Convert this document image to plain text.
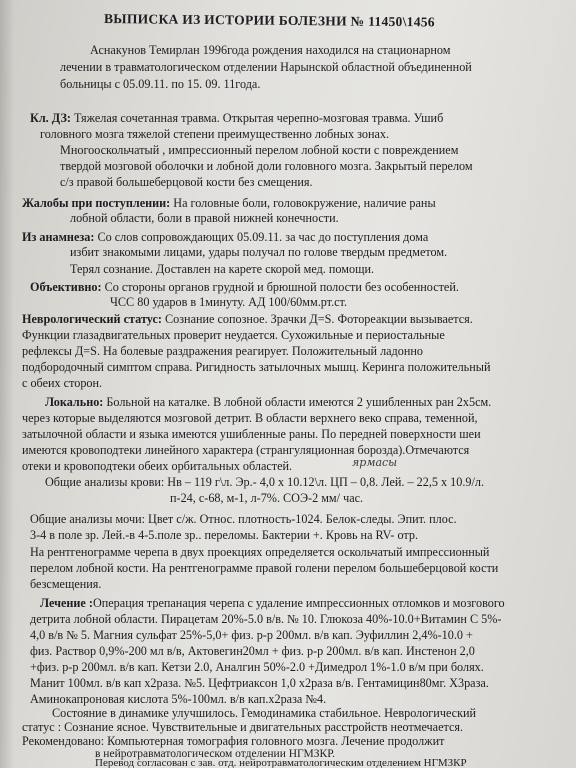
ВЫПИСКА ИЗ ИСТОРИИ БОЛЕЗНИ № 11450\1456
Аснакунов Темирлан 1996года рождения находился на стационарном
лечении в травматологическом отделении Нарынской областной объединенной
больницы с 05.09.11. по 15. 09. 11года.
Кл. ДЗ: Тяжелая сочетанная травма. Открытая черепно-мозговая травма. Ушиб
головного мозга тяжелой степени преимущественно лобных зонах.
Многооскольчатый , импрессионный перелом лобной кости с повреждением
твердой мозговой оболочки и лобной доли головного мозга. Закрытый перелом
с/з правой большеберцовой кости без смещения.
Жалобы при поступлении: На головные боли, головокружение, наличие раны
лобной области, боли в правой нижней конечности.
Из анамнеза: Со слов сопровождающих 05.09.11. за час до поступления дома
избит знакомыми лицами, удары получал по голове твердым предметом.
Терял сознание. Доставлен на карете скорой мед. помощи.
Объективно: Со стороны органов грудной и брюшной полости без особенностей.
ЧСС 80 ударов в 1минуту. АД 100/60мм.рт.ст.
Неврологический статус: Сознание сопозное. Зрачки Д=S. Фотореакции вызывается.
Функции глазадвигательных проверит неудается. Сухожильные и периостальные
рефлексы Д=S. На болевые раздражения реагирует. Положительный ладонно
подбородочный симптом справа. Ригидность затылочных мышц. Керинга положительный
с обеих сторон.
Локально: Больной на каталке. В лобной области имеются 2 ушибленных ран 2х5см.
через которые выделяются мозговой детрит. В области верхнего веко справа, теменной,
затылочной области и языка имеются ушибленные раны. По передней поверхности шеи
имеются кровоподтеки линейного характера (странгуляционная борозда).Отмечаются
отеки и кровоподтеки обеих орбитальных областей.	ярмасы
Общие анализы крови: Нв – 119 г\л. Эр.- 4,0 х 10.12\л. ЦП – 0,8. Лей. – 22,5 х 10.9/л.
п-24, с-68, м-1, л-7%. СОЭ-2 мм/ час.
Общие анализы мочи: Цвет с/ж. Относ. плотность-1024. Белок-следы. Эпит. плос.
3-4 в поле зр. Лей.-в 4-5.поле зр.. переломы. Бактерии +. Кровь на RV- отр.
На рентгенограмме черепа в двух проекциях определяется оскольчатый импрессионный
перелом лобной кости. На рентгенограмме правой голени перелом большеберцовой кости
безсмещения.
Лечение :Операция трепанация черепа с удаление импрессионных отломков и мозгового
детрита лобной области. Пирацетам 20%-5.0 в/в. № 10. Глюкоза 40%-10.0+Витамин С 5%-
4,0 в/в № 5. Магния сульфат 25%-5,0+ физ. р-р 200мл. в/в кап. Эуфиллин 2,4%-10.0 +
физ. Раствор 0,9%-200 мл в/в, Актовегин20мл + физ. р-р 200мл. в/в кап. Инстенон 2,0
+физ. р-р 200мл. в/в кап. Кетзи 2.0, Аналгин 50%-2.0 +Димедрол 1%-1.0 в/м при болях.
Манит 100мл. в/в кап х2раза. №5. Цефтриаксон 1,0 х2раза в/в. Гентамицин80мг. Х3раза.
Аминокапроновая кислота 5%-100мл. в/в кап.х2раза №4.
Состояние в динамике улучшилось. Гемодинамика стабильное. Неврологический
статус : Сознание ясное. Чувствительные и двигательных расстройств неотмечается.
Рекомендовано: Компьютерная томография головного мозга. Лечение продолжит
в нейротравматологическом отделении НГМЗКР.
Перевод согласован с зав. отд. нейротравматологическим отделением НГМЗКР
